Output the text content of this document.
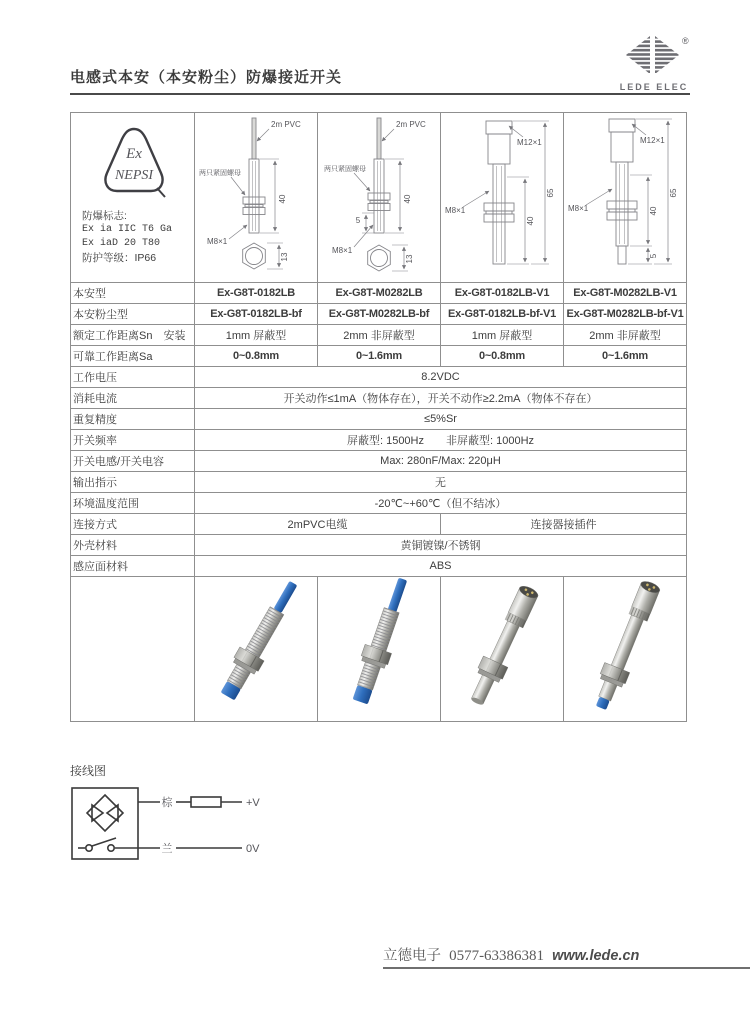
电感式本安（本安粉尘）防爆接近开关
®
LEDE ELEC
Ex
NEPSI
防爆标志:
Ex ia IIC T6 Ga
Ex iaD 20 T80
防护等级：IP66

2m PVC
两只紧固螺母
M8×1
40
13

2m PVC
两只紧固螺母
5
M8×1
40
13

M12×1
M8×1
40
65

M12×1
M8×1	40
5
65

本安型	Ex-G8T-0182LB	Ex-G8T-M0282LB	Ex-G8T-0182LB-V1	Ex-G8T-M0282LB-V1
本安粉尘型	Ex-G8T-0182LB-bf	Ex-G8T-M0282LB-bf	Ex-G8T-0182LB-bf-V1	Ex-G8T-M0282LB-bf-V1
额定工作距离Sn　安装	1mm 屏蔽型	2mm 非屏蔽型	1mm 屏蔽型	2mm 非屏蔽型
可靠工作距离Sa	0~0.8mm	0~1.6mm	0~0.8mm	0~1.6mm
工作电压	8.2VDC			
消耗电流	开关动作≤1mA（物体存在），开关不动作≥2.2mA（物体不存在）			
重复精度	≤5%Sr			
开关频率	屏蔽型: 1500Hz　　非屏蔽型: 1000Hz			
开关电感/开关电容	Max: 280nF/Max: 220μH			
输出指示	无			
环境温度范围	-20℃~+60℃（但不结冰）			
连接方式	2mPVC电缆		连接器接插件	
外壳材料	黄铜镀镍/不锈钢			
感应面材料	ABS			

接线图
棕	+V
兰	0V
立德电子 0577-63386381 www.lede.cn
